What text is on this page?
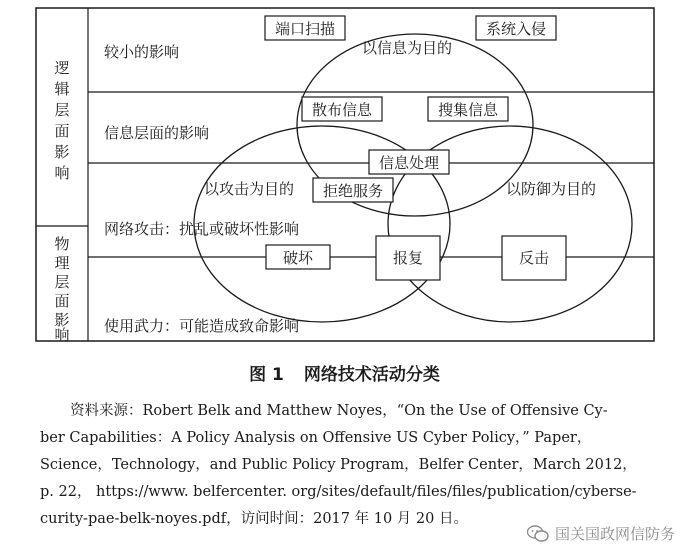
逻
辑
层
面
影
响
物
理
层
面
影
响
较小的影响
信息层面的影响
网络攻击：扰乱或破坏性影响
使用武力：可能造成致命影响
以信息为目的
以攻击为目的	以防御为目的
端口扫描	系统入侵
散布信息	搜集信息
信息处理
拒绝服务
破坏	报复	反击
图 1 网络技术活动分类
资料来源：Robert Belk and Matthew Noyes，“On the Use of Offensive Cy-
ber Capabilities：A Policy Analysis on Offensive US Cyber Policy，” Paper，
Science，Technology，and Public Policy Program，Belfer Center，March 2012，
p. 22， https://www. belfercenter. org/sites/default/files/files/publication/cyberse-
curity-pae-belk-noyes.pdf，访问时间：2017 年 10 月 20 日。
国关国政网信防务
